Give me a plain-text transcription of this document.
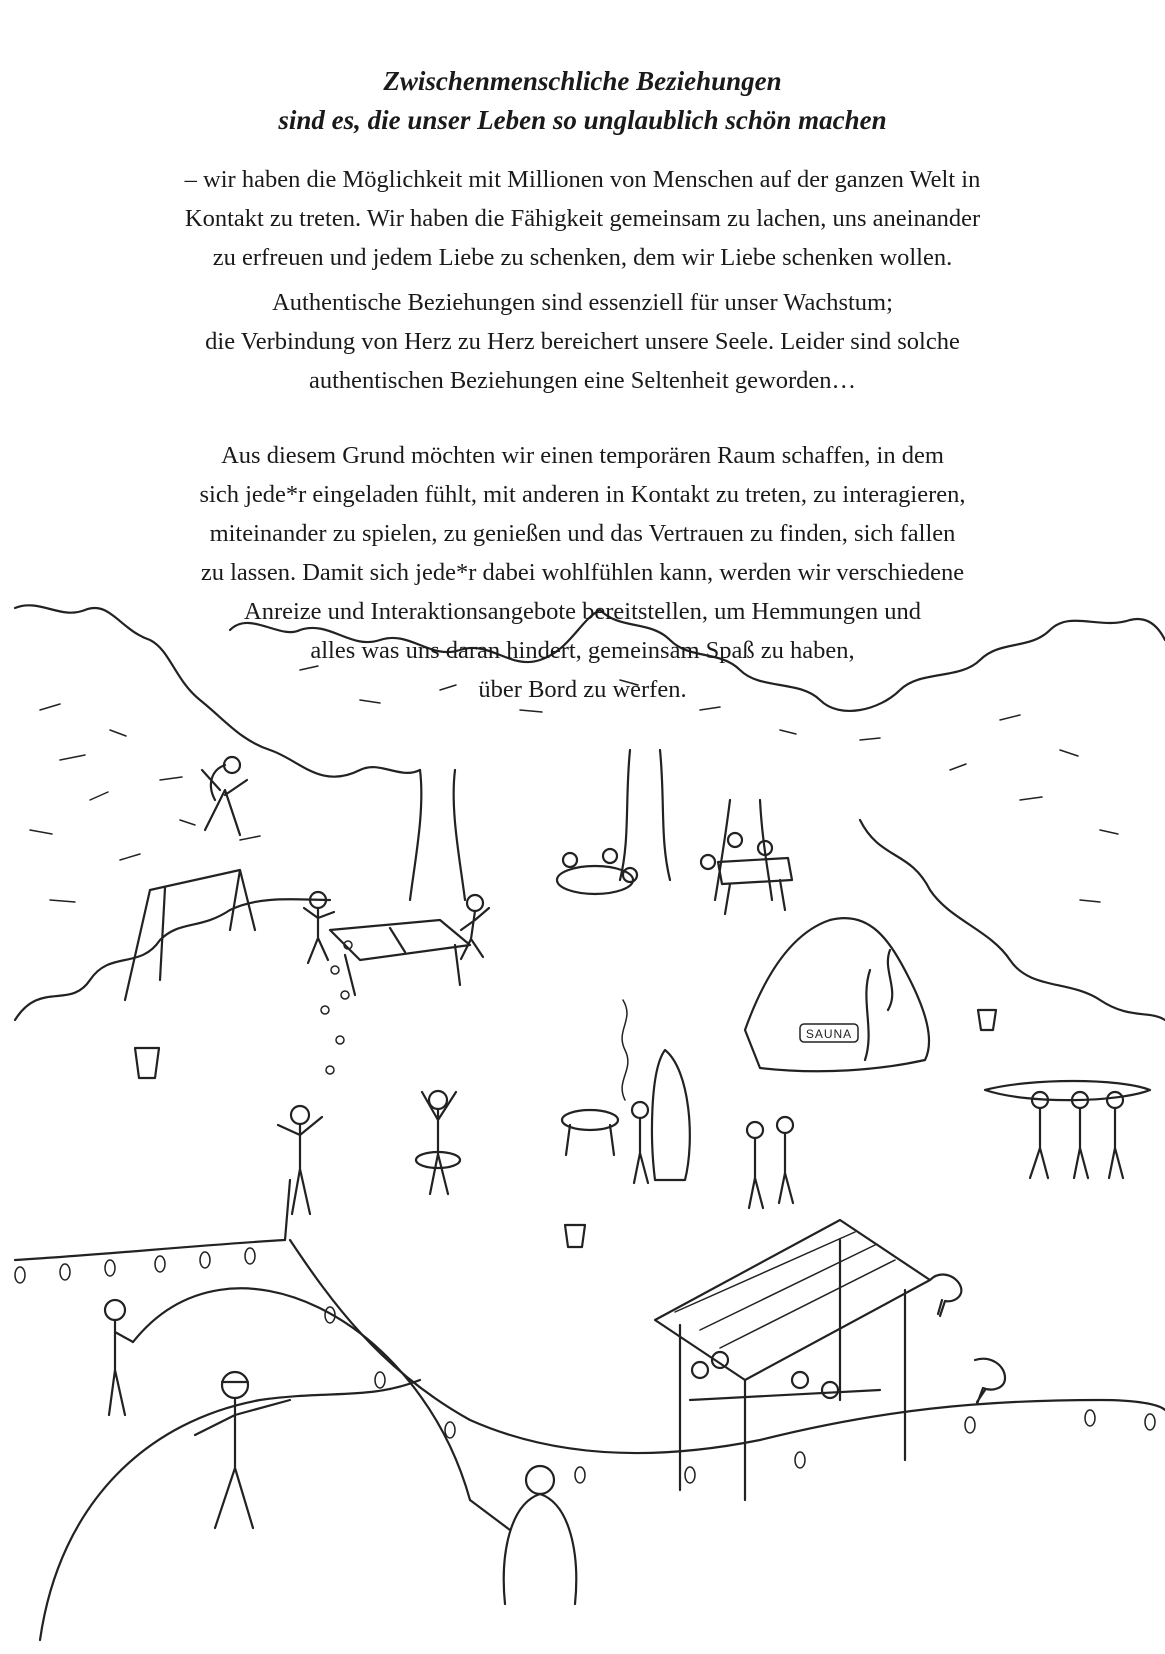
Zwischenmenschliche Beziehungen
sind es, die unser Leben so unglaublich schön machen

– wir haben die Möglichkeit mit Millionen von Menschen auf der ganzen Welt in
Kontakt zu treten. Wir haben die Fähigkeit gemeinsam zu lachen, uns aneinander
zu erfreuen und jedem Liebe zu schenken, dem wir Liebe schenken wollen.

Authentische Beziehungen sind essenziell für unser Wachstum;
die Verbindung von Herz zu Herz bereichert unsere Seele. Leider sind solche
authentischen Beziehungen eine Seltenheit geworden…

Aus diesem Grund möchten wir einen temporären Raum schaffen, in dem
sich jede*r eingeladen fühlt, mit anderen in Kontakt zu treten, zu interagieren,
miteinander zu spielen, zu genießen und das Vertrauen zu finden, sich fallen
zu lassen. Damit sich jede*r dabei wohlfühlen kann, werden wir verschiedene
Anreize und Interaktionsangebote bereitstellen, um Hemmungen und
alles was uns daran hindert, gemeinsam Spaß zu haben,
über Bord zu werfen.

SAUNA
